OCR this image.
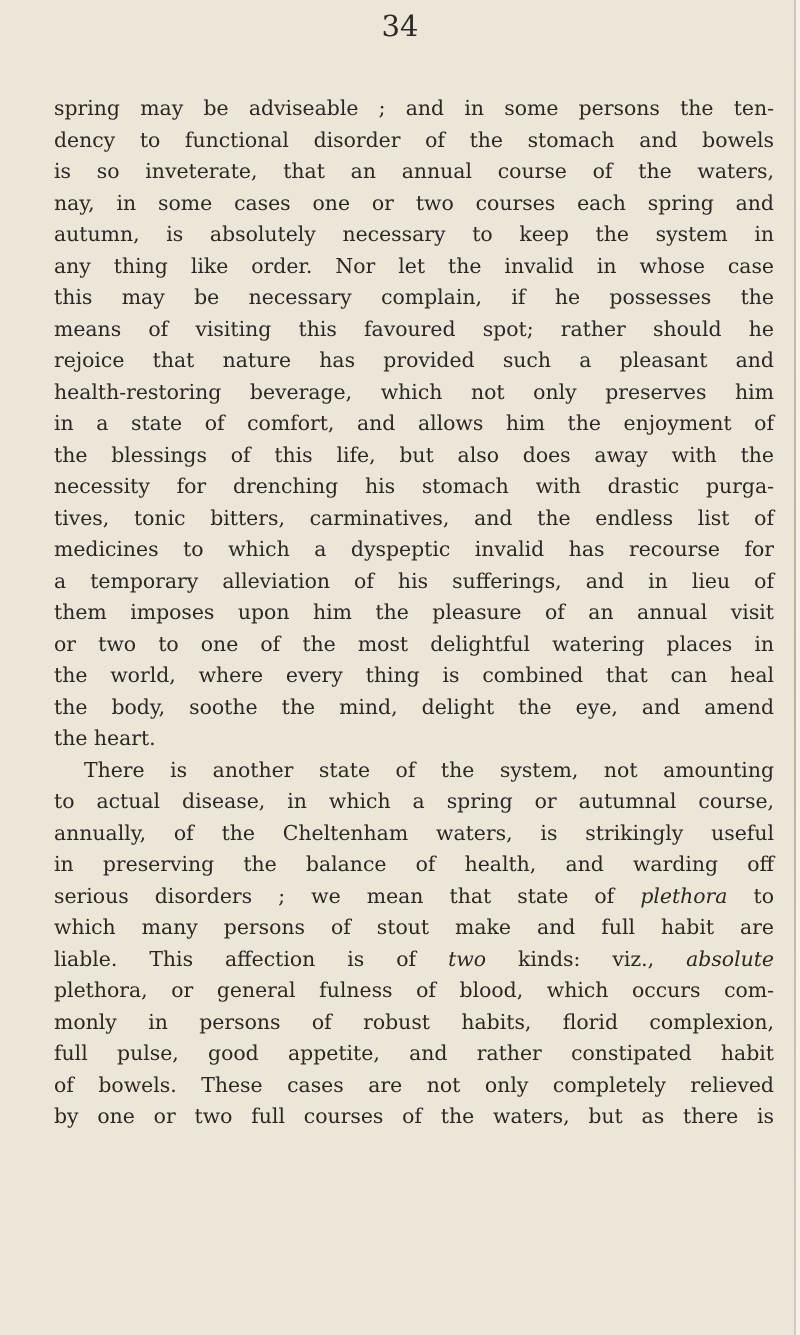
34
spring may be adviseable ; and in some persons the ten-
dency to functional disorder of the stomach and bowels
is so inveterate, that an annual course of the waters,
nay, in some cases one or two courses each spring and
autumn, is absolutely necessary to keep the system in
any thing like order. Nor let the invalid in whose case
this may be necessary complain, if he possesses the
means of visiting this favoured spot; rather should he
rejoice that nature has provided such a pleasant and
health-restoring beverage, which not only preserves him
in a state of comfort, and allows him the enjoyment of
the blessings of this life, but also does away with the
necessity for drenching his stomach with drastic purga-
tives, tonic bitters, carminatives, and the endless list of
medicines to which a dyspeptic invalid has recourse for
a temporary alleviation of his sufferings, and in lieu of
them imposes upon him the pleasure of an annual visit
or two to one of the most delightful watering places in
the world, where every thing is combined that can heal
the body, soothe the mind, delight the eye, and amend
the heart.
There is another state of the system, not amounting
to actual disease, in which a spring or autumnal course,
annually, of the Cheltenham waters, is strikingly useful
in preserving the balance of health, and warding off
serious disorders ; we mean that state of plethora to
which many persons of stout make and full habit are
liable. This affection is of two kinds: viz., absolute
plethora, or general fulness of blood, which occurs com-
monly in persons of robust habits, florid complexion,
full pulse, good appetite, and rather constipated habit
of bowels. These cases are not only completely relieved
by one or two full courses of the waters, but as there is
